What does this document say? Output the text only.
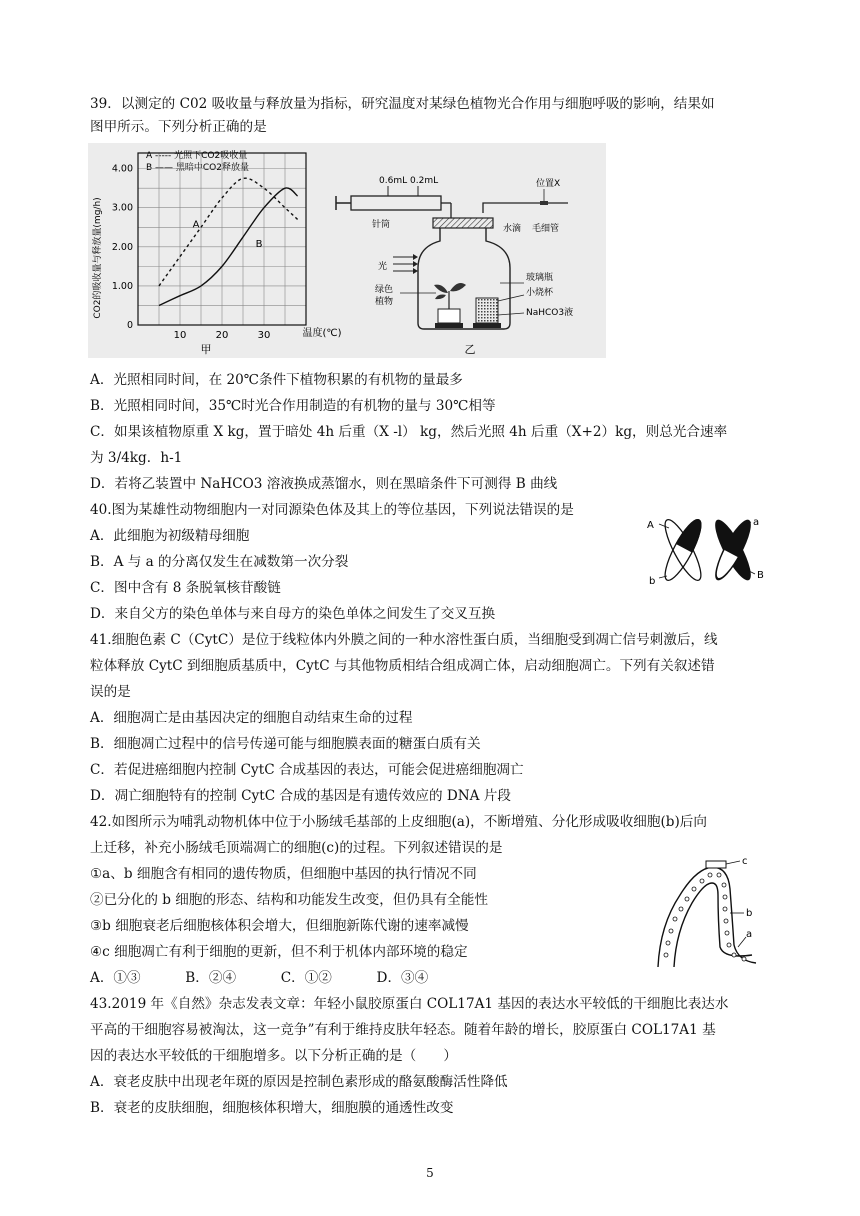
39．以测定的 C02 吸收量与释放量为指标，研究温度对某绿色植物光合作用与细胞呼吸的影响，结果如
图甲所示。下列分析正确的是
A ----- 光照下CO2吸收量
B —— 黑暗中CO2释放量
CO2的吸收量与释放量(mg/h)
温度(℃)
甲
10	20	30
0
1.00
2.00
3.00
4.00
A
B
0.6mL 0.2mL
针筒
位置X
水滴 毛细管
光
绿色
植物
玻璃瓶
小烧杯
NaHCO3液
乙
A．光照相同时间，在 20℃条件下植物积累的有机物的量最多
B．光照相同时间，35℃时光合作用制造的有机物的量与 30℃相等
C．如果该植物原重 X kg，置于暗处 4h 后重（X -l） kg，然后光照 4h 后重（X+2）kg，则总光合速率
为 3/4kg．h-1
D．若将乙装置中 NaHCO3 溶液换成蒸馏水，则在黑暗条件下可测得 B 曲线
40.图为某雄性动物细胞内一对同源染色体及其上的等位基因，下列说法错误的是
A．此细胞为初级精母细胞
B．A 与 a 的分离仅发生在减数第一次分裂
C．图中含有 8 条脱氧核苷酸链
D．来自父方的染色单体与来自母方的染色单体之间发生了交叉互换
A	a
b
B
41.细胞色素 C（CytC）是位于线粒体内外膜之间的一种水溶性蛋白质，当细胞受到凋亡信号刺激后，线
粒体释放 CytC 到细胞质基质中，CytC 与其他物质相结合组成凋亡体，启动细胞凋亡。下列有关叙述错
误的是
A．细胞凋亡是由基因决定的细胞自动结束生命的过程
B．细胞凋亡过程中的信号传递可能与细胞膜表面的糖蛋白质有关
C．若促进癌细胞内控制 CytC 合成基因的表达，可能会促进癌细胞凋亡
D．凋亡细胞特有的控制 CytC 合成的基因是有遗传效应的 DNA 片段
42.如图所示为哺乳动物机体中位于小肠绒毛基部的上皮细胞(a)，不断增殖、分化形成吸收细胞(b)后向
上迁移，补充小肠绒毛顶端凋亡的细胞(c)的过程。下列叙述错误的是
①a、b 细胞含有相同的遗传物质，但细胞中基因的执行情况不同
②已分化的 b 细胞的形态、结构和功能发生改变，但仍具有全能性
③b 细胞衰老后细胞核体积会增大，但细胞新陈代谢的速率减慢
④c 细胞凋亡有利于细胞的更新，但不利于机体内部环境的稳定
A．①③	B．②④	C．①②	D．③④
c
b
a
43.2019 年《自然》杂志发表文章：年轻小鼠胶原蛋白 COL17A1 基因的表达水平较低的干细胞比表达水
平高的干细胞容易被淘汰，这一竞争”有利于维持皮肤年轻态。随着年龄的增长，胶原蛋白 COL17A1 基
因的表达水平较低的干细胞增多。以下分析正确的是（　　）
A．衰老皮肤中出现老年斑的原因是控制色素形成的酪氨酸酶活性降低
B．衰老的皮肤细胞，细胞核体积增大，细胞膜的通透性改变
5
